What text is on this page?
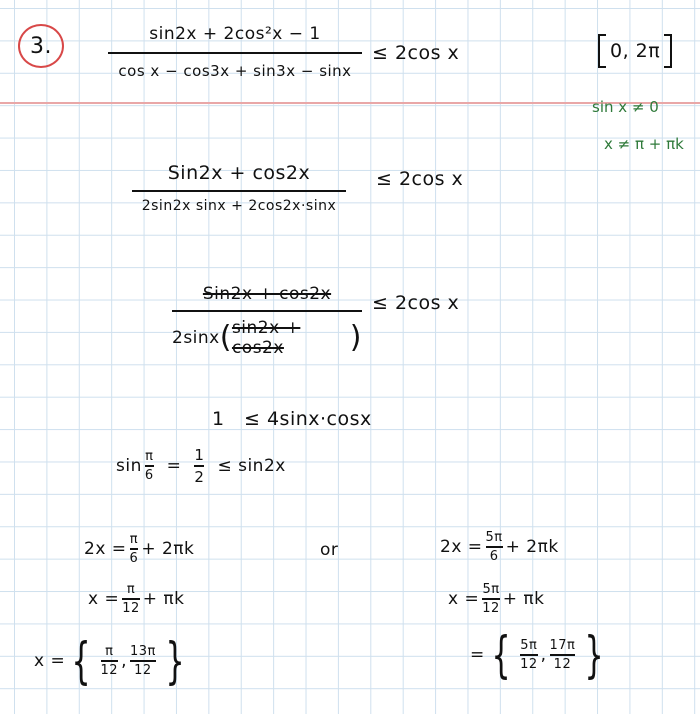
3.	0, 2π
sin x ≠ 0
x ≠ π + πk
sin2x + 2cos²x − 1
cos x − cos3x + sin3x − sinx
≤ 2cos x
Sin2x + cos2x
2sin2x sinx + 2cos2x·sinx
≤ 2cos x
Sin2x + cos2x
2sinx ( sin2x + cos2x	)
≤ 2cos x
1 ≤ 4sinx·cosx
sin π
6 =
1
2
≤ sin2x
2x = π
6 + 2πk
x = π
12 + πk
or	2x = 5π
6 + 2πk
x = 5π
12 + πk
x = { π
12 , 13π
12 }	= { 5π
12 , 17π
12 }
